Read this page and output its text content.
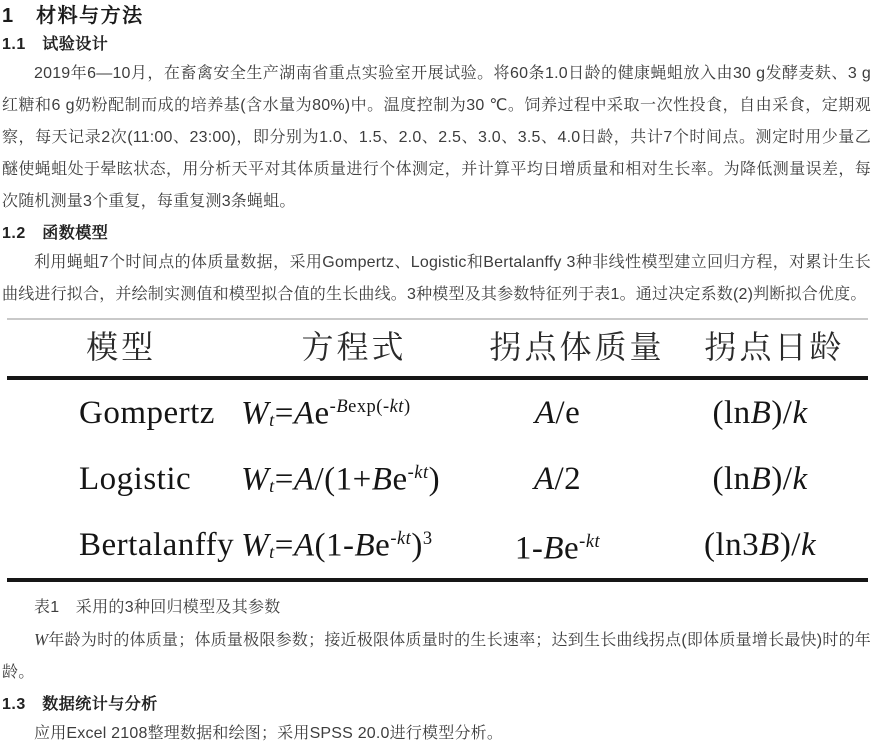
1　材料与方法
1.1　试验设计

2019年6—10月，在畜禽安全生产湖南省重点实验室开展试验。将60条1.0日龄的健康蝇蛆放入由30 g发酵麦麸、3 g红糖和6 g奶粉配制而成的培养基(含水量为80%)中。温度控制为30 ℃。饲养过程中采取一次性投食，自由采食，定期观察，每天记录2次(11:00、23:00)，即分别为1.0、1.5、2.0、2.5、3.0、3.5、4.0日龄，共计7个时间点。测定时用少量乙醚使蝇蛆处于晕眩状态，用分析天平对其体质量进行个体测定，并计算平均日增质量和相对生长率。为降低测量误差，每次随机测量3个重复，每重复测3条蝇蛆。

1.2　函数模型

利用蝇蛆7个时间点的体质量数据，采用Gompertz、Logistic和Bertalanffy 3种非线性模型建立回归方程，对累计生长曲线进行拟合，并绘制实测值和模型拟合值的生长曲线。3种模型及其参数特征列于表1。通过决定系数(2)判断拟合优度。

模型	方程式	拐点体质量	拐点日龄
Gompertz	$Wt=Ae^{-Bexp(-kt)}$	A/e	(lnB)/k
Logistic	$Wt=A/(1+Be^{-kt})$	A/2	(lnB)/k
Bertalanffy	$Wt=A(1-Be^{-kt})^3$	$1-Be^{-kt}$	(ln3B)/k

表1　采用的3种回归模型及其参数

W年龄为时的体质量；体质量极限参数；接近极限体质量时的生长速率；达到生长曲线拐点(即体质量增长最快)时的年龄。

1.3　数据统计与分析

应用Excel 2108整理数据和绘图；采用SPSS 20.0进行模型分析。
